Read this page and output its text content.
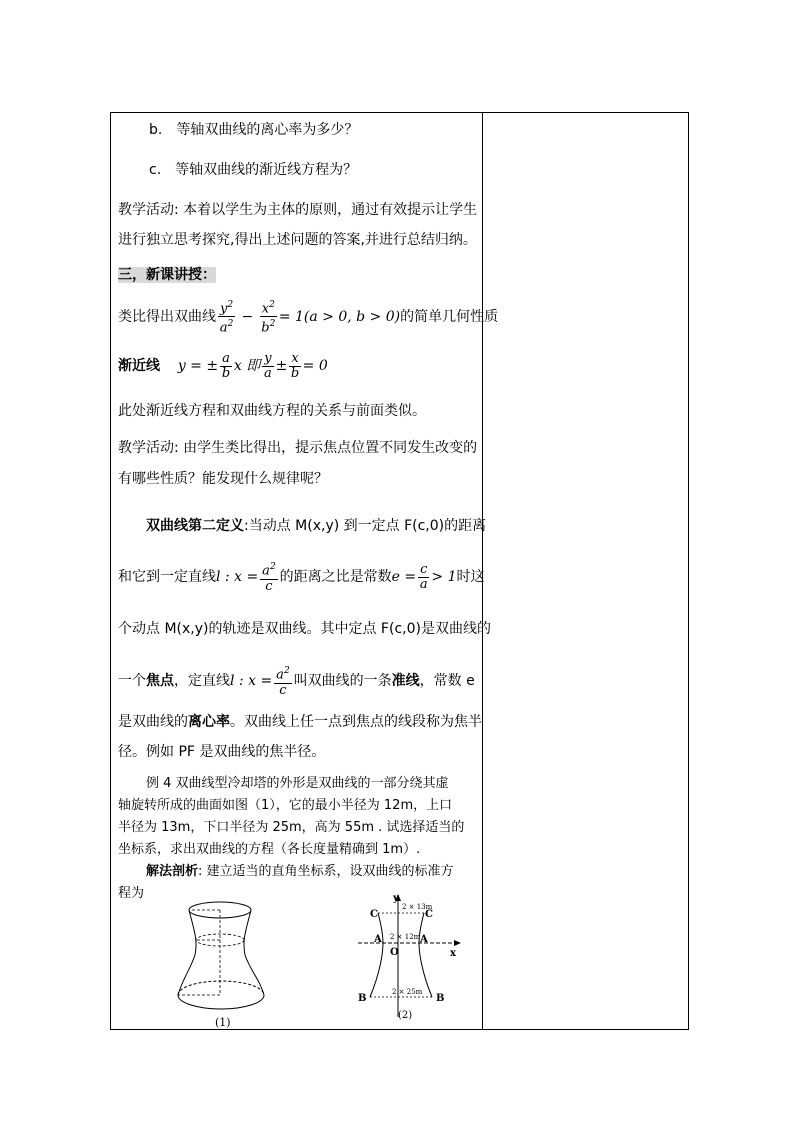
b.　等轴双曲线的离心率为多少？
c.　等轴双曲线的渐近线方程为？
教学活动: 本着以学生为主体的原则，通过有效提示让学生
进行独立思考探究,得出上述问题的答案,并进行总结归纳。
三，新课讲授：
类比得出双曲线 $\frac{y^2}{a^2} - \frac{x^2}{b^2} = 1(a > 0$, b > 0)的简单几何性质
渐近线 y = ± $\frac{a}{b}$ x 即 $\frac{y}{a} \pm \frac{x}{b} = 0$
此处渐近线方程和双曲线方程的关系与前面类似。
教学活动: 由学生类比得出，提示焦点位置不同发生改变的
有哪些性质？能发现什么规律呢？
双曲线第二定义:当动点 M(x,y) 到一定点 F(c,0)的距离
和它到一定直线l : $x = \frac{a^2}{c}$ 的距离之比是常数$e = \frac{c}{a} > 1$时这
个动点 M(x,y)的轨迹是双曲线。其中定点 F(c,0)是双曲线的
一个焦点，定直线l : $x = \frac{a^2}{c}$ 叫双曲线的一条准线，常数 e
是双曲线的离心率。双曲线上任一点到焦点的线段称为焦半
径。例如 PF 是双曲线的焦半径。
例 4 双曲线型冷却塔的外形是双曲线的一部分绕其虚
轴旋转所成的曲面如图（1），它的最小半径为 12m，上口
半径为 13m，下口半径为 25m，高为 55m . 试选择适当的
坐标系，求出双曲线的方程（各长度量精确到 1m）.
解法剖析: 建立适当的直角坐标系，设双曲线的标准方
程为
(1)
C	C
A	A
B	B
O	x
y
2 × 13m
2 × 12m
2 × 25m
(2)
